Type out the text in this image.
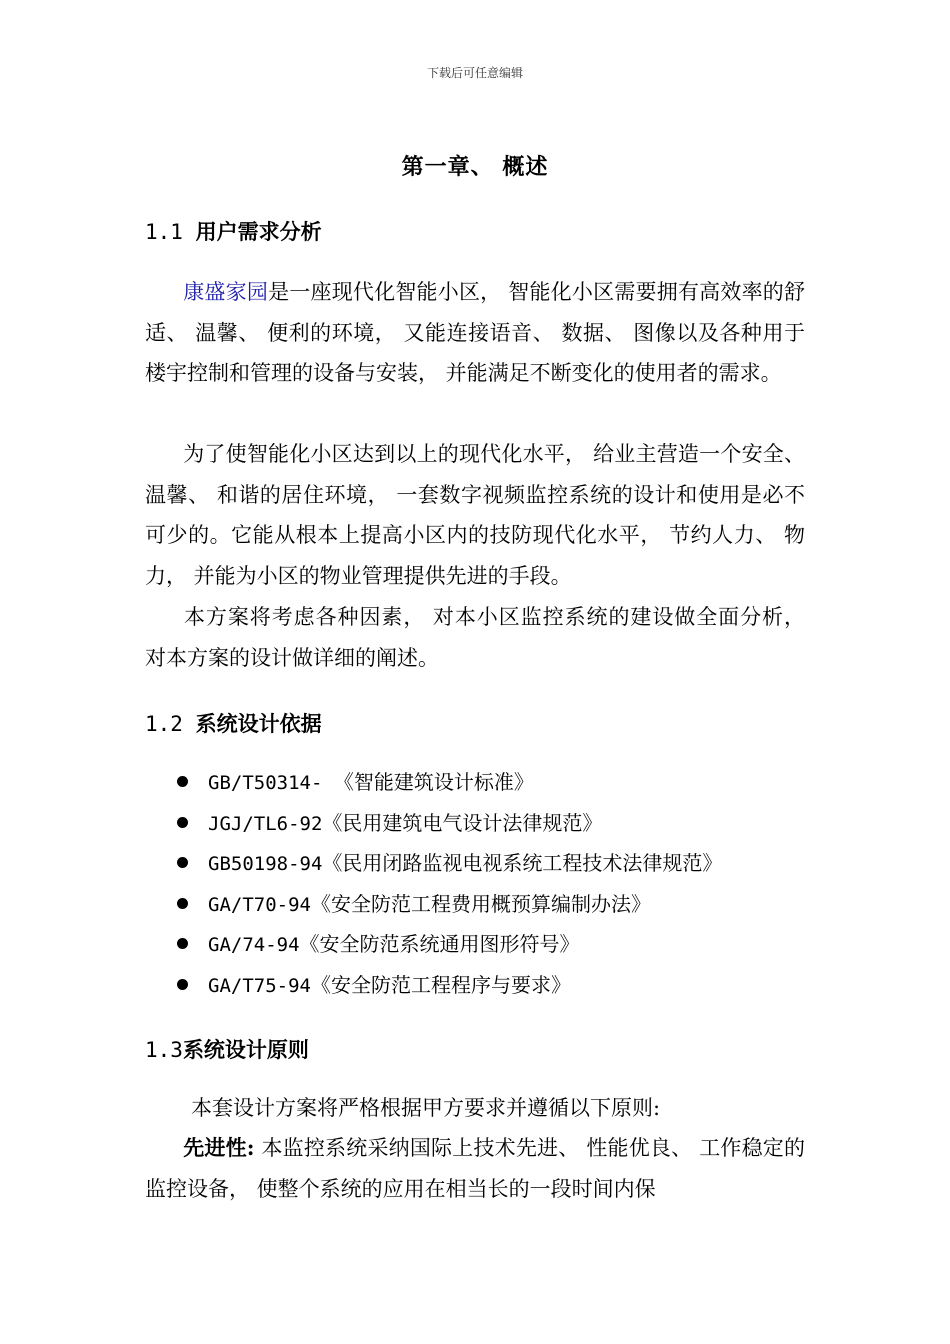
下载后可任意编辑
第一章、 概述
1.1 用户需求分析
康盛家园是一座现代化智能小区， 智能化小区需要拥有高效率的舒适、 温馨、 便利的环境， 又能连接语音、 数据、 图像以及各种用于楼宇控制和管理的设备与安装， 并能满足不断变化的使用者的需求。
为了使智能化小区达到以上的现代化水平， 给业主营造一个安全、 温馨、 和谐的居住环境， 一套数字视频监控系统的设计和使用是必不可少的。它能从根本上提高小区内的技防现代化水平， 节约人力、 物力， 并能为小区的物业管理提供先进的手段。
本方案将考虑各种因素， 对本小区监控系统的建设做全面分析， 对本方案的设计做详细的阐述。
1.2 系统设计依据
GB/T50314- 《智能建筑设计标准》
JGJ/TL6-92《民用建筑电气设计法律规范》
GB50198-94《民用闭路监视电视系统工程技术法律规范》
GA/T70-94《安全防范工程费用概预算编制办法》
GA/74-94《安全防范系统通用图形符号》
GA/T75-94《安全防范工程程序与要求》
1.3系统设计原则
本套设计方案将严格根据甲方要求并遵循以下原则:
先进性: 本监控系统采纳国际上技术先进、 性能优良、 工作稳定的监控设备， 使整个系统的应用在相当长的一段时间内保
